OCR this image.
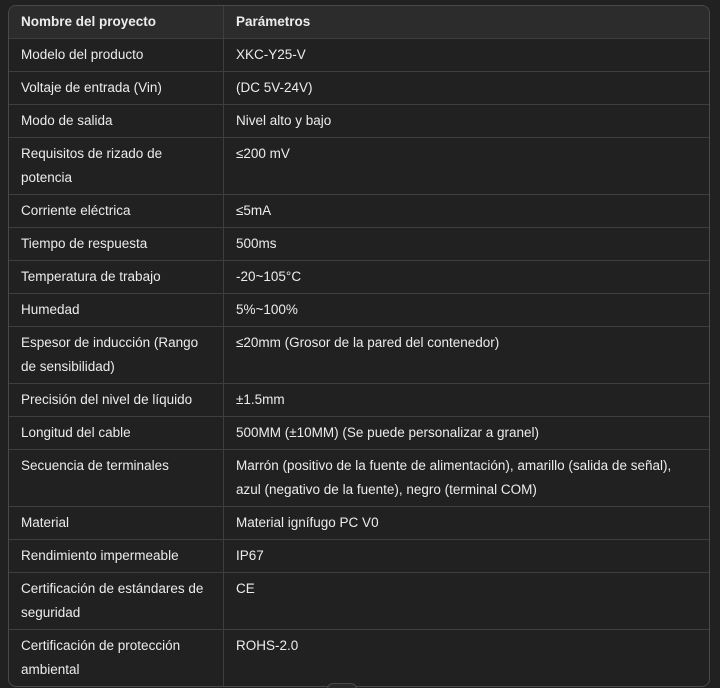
Nombre del proyecto	Parámetros
Modelo del producto	XKC-Y25-V
Voltaje de entrada (Vin)	(DC 5V-24V)
Modo de salida	Nivel alto y bajo
Requisitos de rizado de potencia	≤200 mV
Corriente eléctrica	≤5mA
Tiempo de respuesta	500ms
Temperatura de trabajo	-20~105°C
Humedad	5%~100%
Espesor de inducción (Rango de sensibilidad)	≤20mm (Grosor de la pared del contenedor)
Precisión del nivel de líquido	±1.5mm
Longitud del cable	500MM (±10MM) (Se puede personalizar a granel)
Secuencia de terminales	Marrón (positivo de la fuente de alimentación), amarillo (salida de señal), azul (negativo de la fuente), negro (terminal COM)
Material	Material ignífugo PC V0
Rendimiento impermeable	IP67
Certificación de estándares de seguridad	CE
Certificación de protección ambiental	ROHS-2.0
